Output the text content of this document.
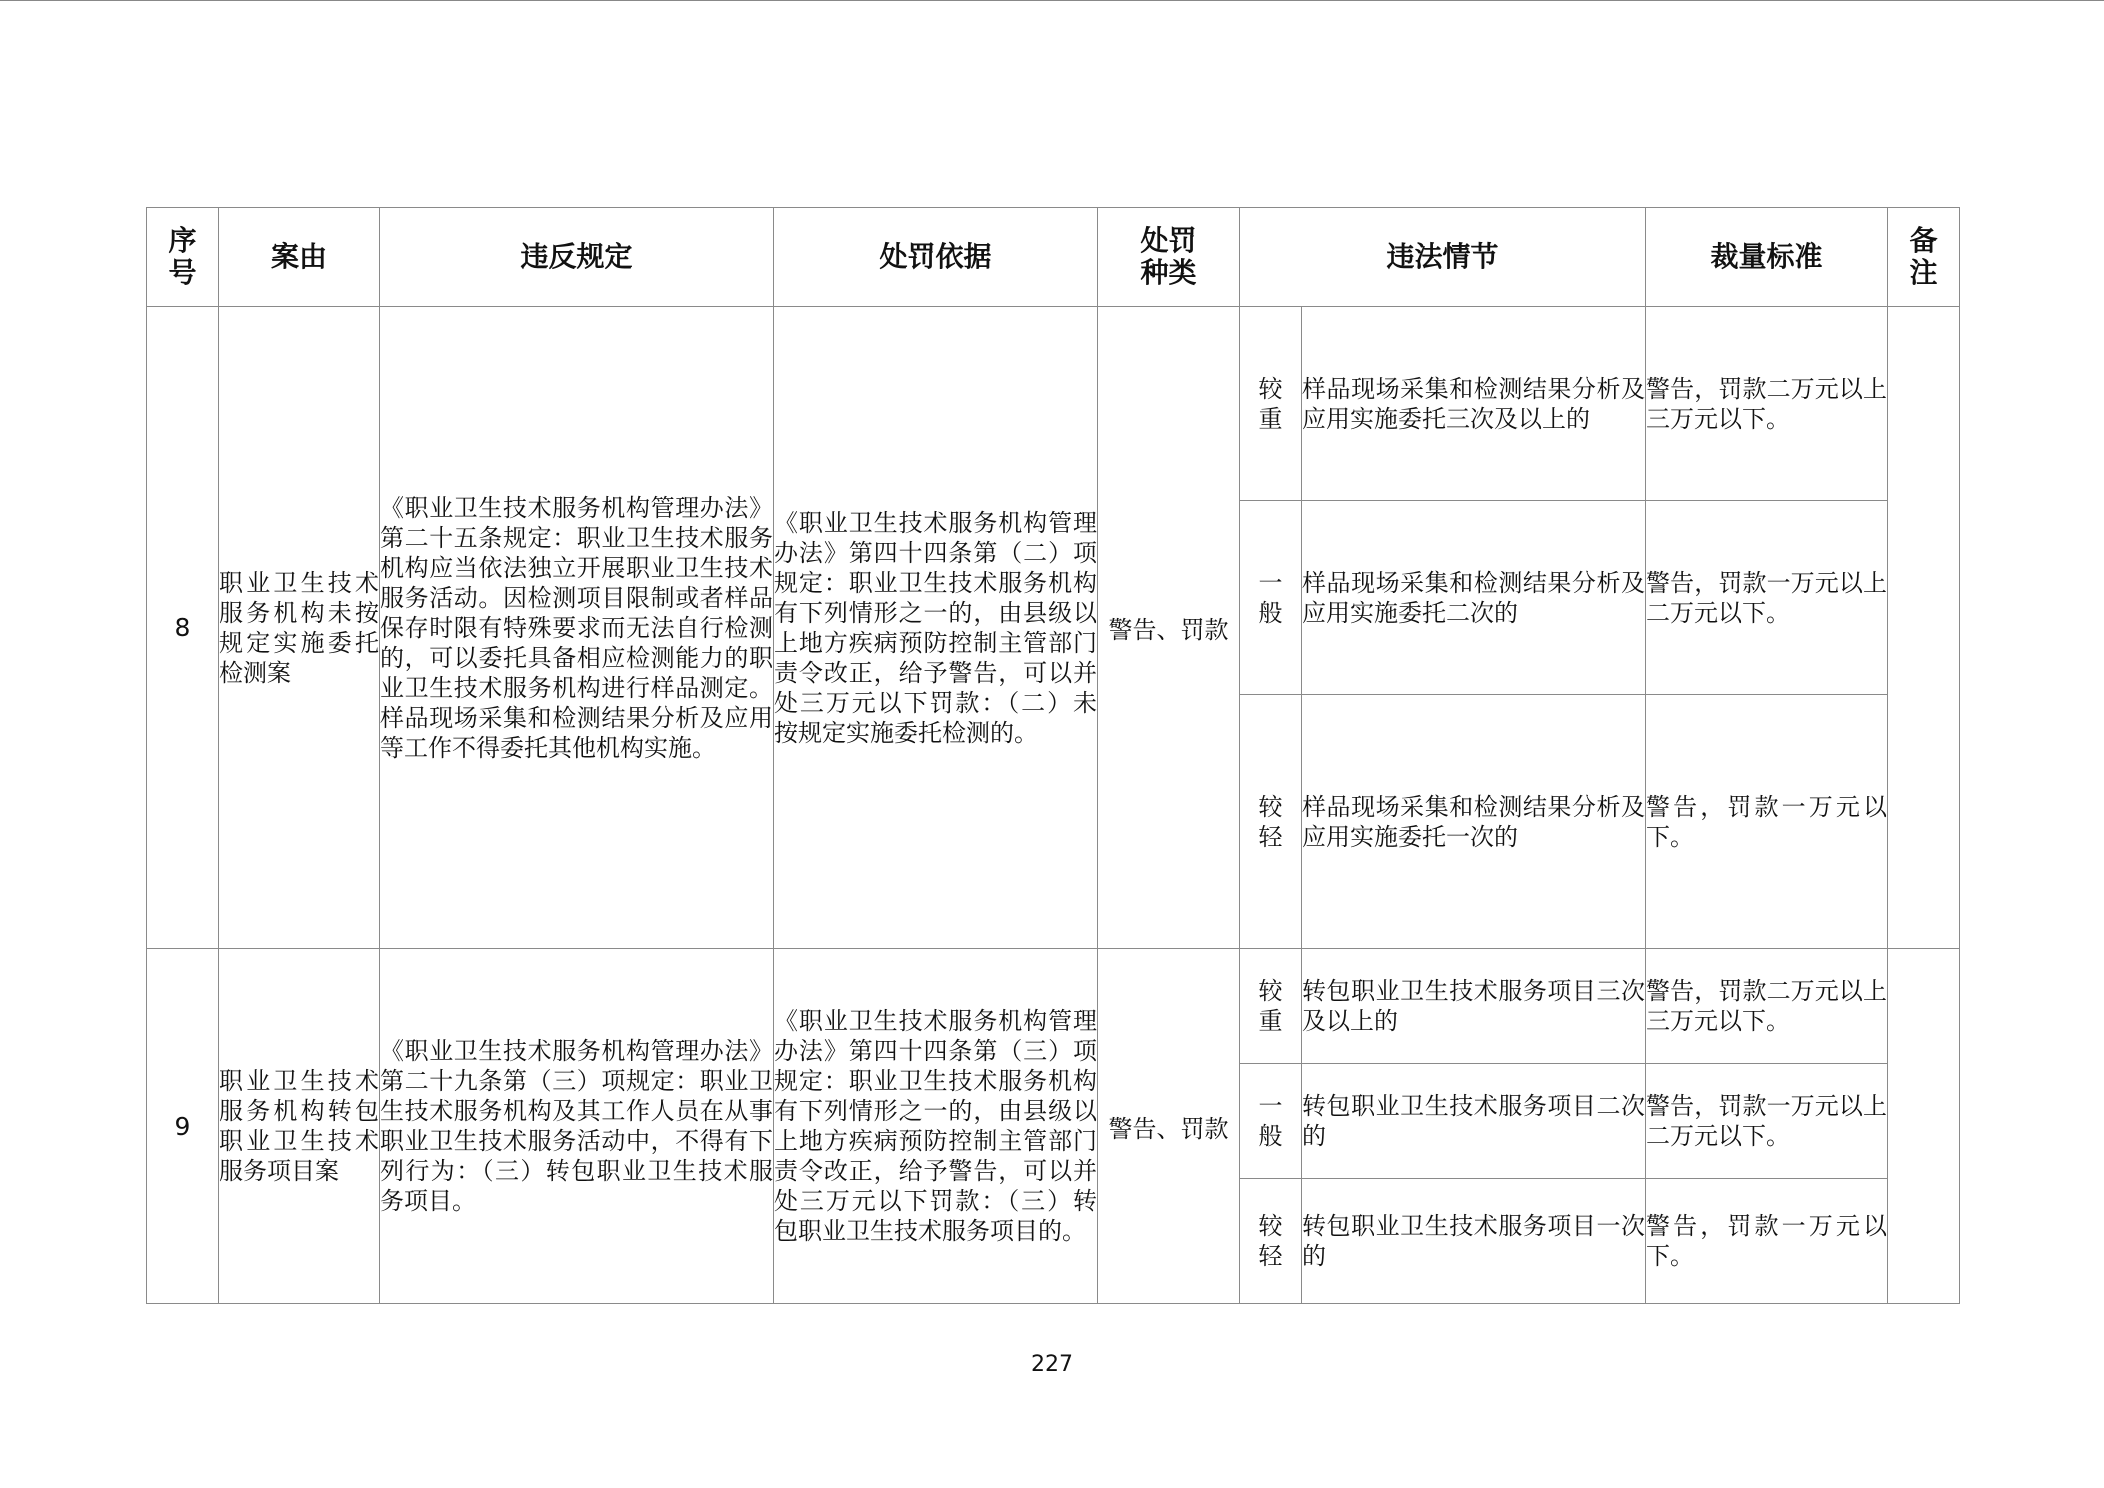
序号	案由	违反规定	处罚依据	处罚种类	违法情节		裁量标准	备注
8	职业卫生技术服务机构未按规定实施委托检测案	《职业卫生技术服务机构管理办法》第二十五条规定：职业卫生技术服务机构应当依法独立开展职业卫生技术服务活动。因检测项目限制或者样品保存时限有特殊要求而无法自行检测的，可以委托具备相应检测能力的职业卫生技术服务机构进行样品测定。样品现场采集和检测结果分析及应用等工作不得委托其他机构实施。	《职业卫生技术服务机构管理办法》第四十四条第（二）项规定：职业卫生技术服务机构有下列情形之一的，由县级以上地方疾病预防控制主管部门责令改正，给予警告，可以并处三万元以下罚款：（二）未按规定实施委托检测的。	警告、罚款	较重	样品现场采集和检测结果分析及应用实施委托三次及以上的	警告，罚款二万元以上三万元以下。	
					一般	样品现场采集和检测结果分析及应用实施委托二次的	警告，罚款一万元以上二万元以下。	
					较轻	样品现场采集和检测结果分析及应用实施委托一次的	警告，罚款一万元以下。	
9	职业卫生技术服务机构转包职业卫生技术服务项目案	《职业卫生技术服务机构管理办法》第二十九条第（三）项规定：职业卫生技术服务机构及其工作人员在从事职业卫生技术服务活动中，不得有下列行为：（三）转包职业卫生技术服务项目。	《职业卫生技术服务机构管理办法》第四十四条第（三）项规定：职业卫生技术服务机构有下列情形之一的，由县级以上地方疾病预防控制主管部门责令改正，给予警告，可以并处三万元以下罚款：（三）转包职业卫生技术服务项目的。	警告、罚款	较重	转包职业卫生技术服务项目三次及以上的	警告，罚款二万元以上三万元以下。	
					一般	转包职业卫生技术服务项目二次的	警告，罚款一万元以上二万元以下。	
					较轻	转包职业卫生技术服务项目一次的	警告，罚款一万元以下。	
227
